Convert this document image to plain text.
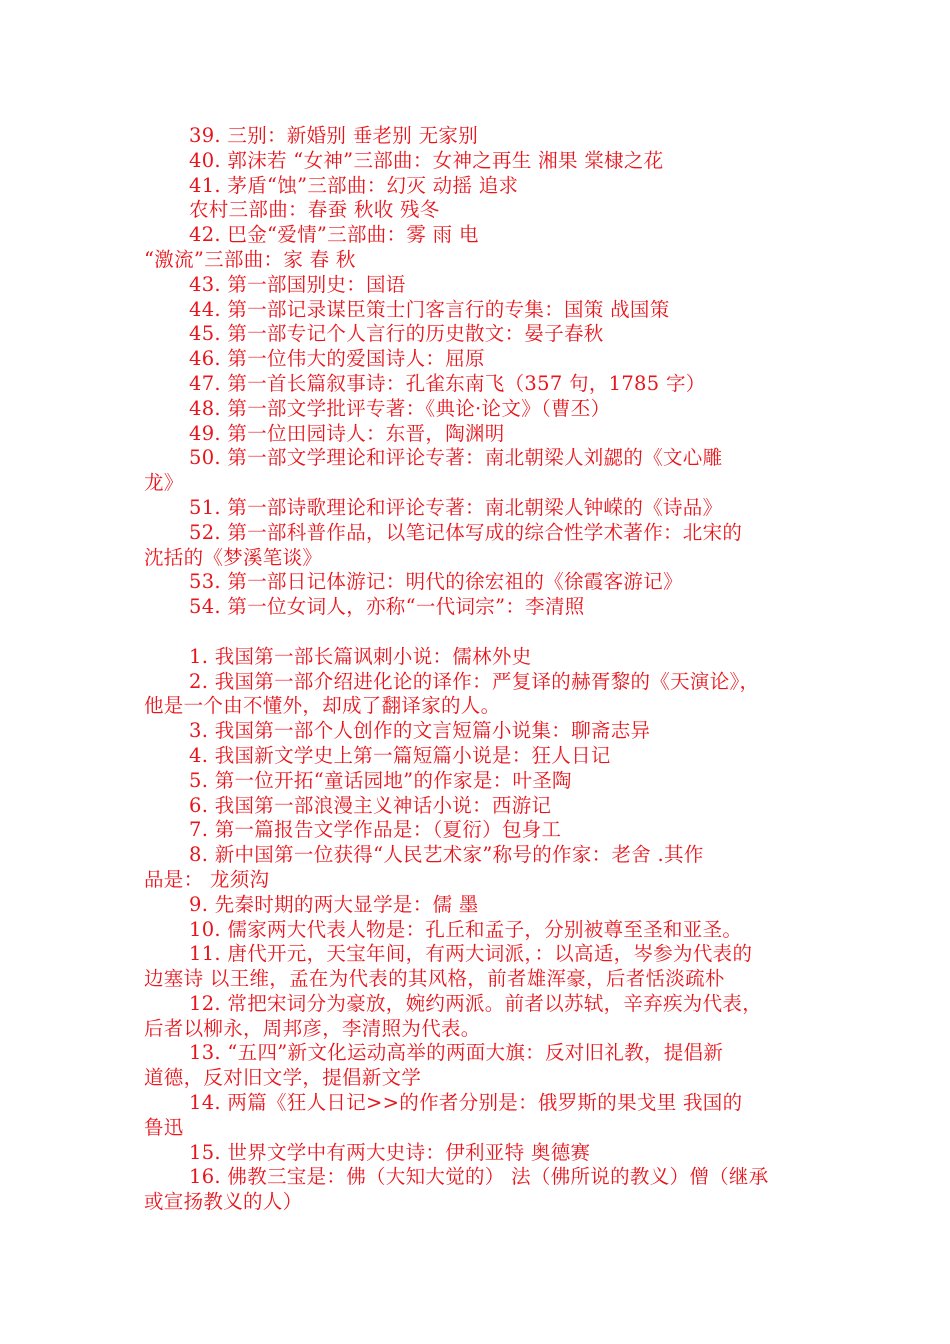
39. 三别：新婚别 垂老别 无家别
40. 郭沫若 “女神”三部曲：女神之再生 湘果 棠棣之花
41. 茅盾“蚀”三部曲：幻灭 动摇 追求
农村三部曲：春蚕 秋收 残冬
42. 巴金“爱情”三部曲：雾 雨 电
“激流”三部曲：家 春 秋
43. 第一部国别史：国语
44. 第一部记录谋臣策士门客言行的专集：国策 战国策
45. 第一部专记个人言行的历史散文：晏子春秋
46. 第一位伟大的爱国诗人：屈原
47. 第一首长篇叙事诗：孔雀东南飞（357 句，1785 字）
48. 第一部文学批评专著：《典论·论文》（曹丕）
49. 第一位田园诗人：东晋，陶渊明
50. 第一部文学理论和评论专著：南北朝梁人刘勰的《文心雕
龙》
51. 第一部诗歌理论和评论专著：南北朝梁人钟嵘的《诗品》
52. 第一部科普作品，以笔记体写成的综合性学术著作：北宋的
沈括的《梦溪笔谈》
53. 第一部日记体游记：明代的徐宏祖的《徐霞客游记》
54. 第一位女词人，亦称“一代词宗”：李清照
1. 我国第一部长篇讽刺小说：儒林外史
2. 我国第一部介绍进化论的译作：严复译的赫胥黎的《天演论》，
他是一个由不懂外，却成了翻译家的人。
3. 我国第一部个人创作的文言短篇小说集：聊斋志异
4. 我国新文学史上第一篇短篇小说是：狂人日记
5. 第一位开拓“童话园地”的作家是：叶圣陶
6. 我国第一部浪漫主义神话小说：西游记
7. 第一篇报告文学作品是：（夏衍）包身工
8. 新中国第一位获得“人民艺术家”称号的作家：老舍 .其作
品是： 龙须沟
9. 先秦时期的两大显学是：儒 墨
10. 儒家两大代表人物是：孔丘和孟子，分别被尊至圣和亚圣。
11. 唐代开元，天宝年间，有两大词派，：以高适，岑参为代表的
边塞诗 以王维，孟在为代表的其风格，前者雄浑豪，后者恬淡疏朴
12. 常把宋词分为豪放，婉约两派。前者以苏轼，辛弃疾为代表，
后者以柳永，周邦彦，李清照为代表。
13. “五四”新文化运动高举的两面大旗：反对旧礼教，提倡新
道德，反对旧文学，提倡新文学
14. 两篇《狂人日记>>的作者分别是：俄罗斯的果戈里 我国的
鲁迅
15. 世界文学中有两大史诗：伊利亚特 奥德赛
16. 佛教三宝是：佛（大知大觉的） 法（佛所说的教义）僧（继承
或宣扬教义的人）
